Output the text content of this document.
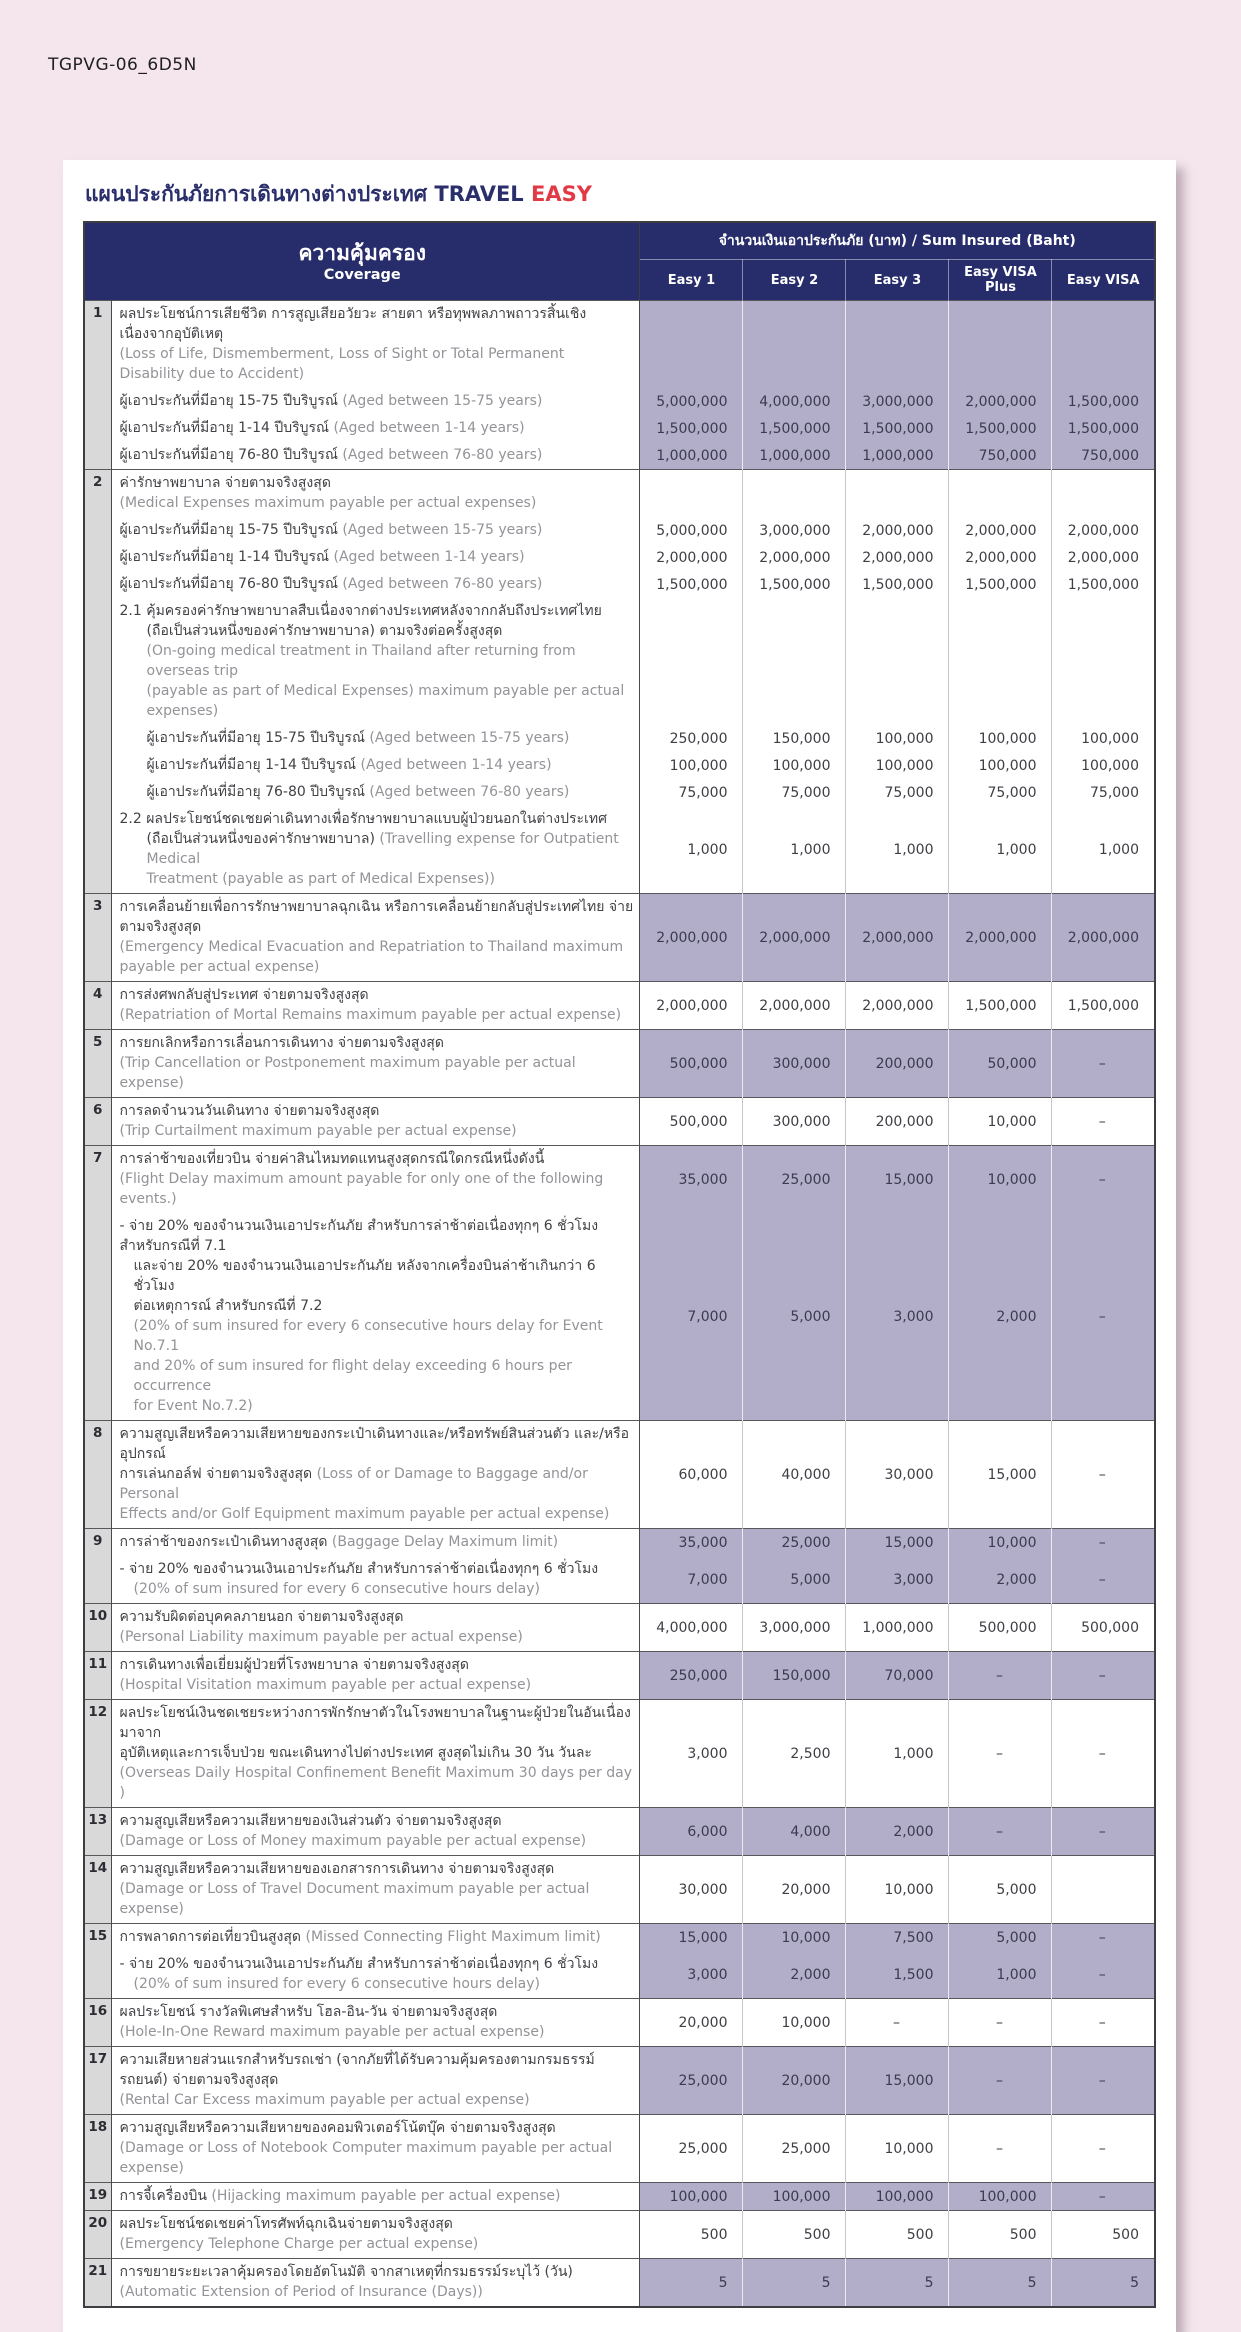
TGPVG-06_6D5N
แผนประกันภัยการเดินทางต่างประเทศ TRAVEL EASY
ความคุ้มครอง
Coverage		จำนวนเงินเอาประกันภัย (บาท) / Sum Insured (Baht)				
		Easy 1	Easy 2	Easy 3	Easy VISA Plus	Easy VISA
1	ผลประโยชน์การเสียชีวิต การสูญเสียอวัยวะ สายตา หรือทุพพลภาพถาวรสิ้นเชิงเนื่องจากอุบัติเหตุ
(Loss of Life, Dismemberment, Loss of Sight or Total Permanent Disability due to Accident)					

	ผู้เอาประกันที่มีอายุ 15-75 ปีบริบูรณ์ (Aged between 15-75 years)	5,000,000	4,000,000	3,000,000	2,000,000	1,500,000

	ผู้เอาประกันที่มีอายุ 1-14 ปีบริบูรณ์ (Aged between 1-14 years)	1,500,000	1,500,000	1,500,000	1,500,000	1,500,000

	ผู้เอาประกันที่มีอายุ 76-80 ปีบริบูรณ์ (Aged between 76-80 years)	1,000,000	1,000,000	1,000,000	750,000	750,000
2	ค่ารักษาพยาบาล จ่ายตามจริงสูงสุด
(Medical Expenses maximum payable per actual expenses)					

	ผู้เอาประกันที่มีอายุ 15-75 ปีบริบูรณ์ (Aged between 15-75 years)	5,000,000	3,000,000	2,000,000	2,000,000	2,000,000

	ผู้เอาประกันที่มีอายุ 1-14 ปีบริบูรณ์ (Aged between 1-14 years)	2,000,000	2,000,000	2,000,000	2,000,000	2,000,000

	ผู้เอาประกันที่มีอายุ 76-80 ปีบริบูรณ์ (Aged between 76-80 years)	1,500,000	1,500,000	1,500,000	1,500,000	1,500,000

	2.1 คุ้มครองค่ารักษาพยาบาลสืบเนื่องจากต่างประเทศหลังจากกลับถึงประเทศไทย
(ถือเป็นส่วนหนึ่งของค่ารักษาพยาบาล) ตามจริงต่อครั้งสูงสุด
(On-going medical treatment in Thailand after returning from overseas trip
(payable as part of Medical Expenses) maximum payable per actual expenses)					

	ผู้เอาประกันที่มีอายุ 15-75 ปีบริบูรณ์ (Aged between 15-75 years)	250,000	150,000	100,000	100,000	100,000

	ผู้เอาประกันที่มีอายุ 1-14 ปีบริบูรณ์ (Aged between 1-14 years)	100,000	100,000	100,000	100,000	100,000

	ผู้เอาประกันที่มีอายุ 76-80 ปีบริบูรณ์ (Aged between 76-80 years)	75,000	75,000	75,000	75,000	75,000

	2.2 ผลประโยชน์ชดเชยค่าเดินทางเพื่อรักษาพยาบาลแบบผู้ป่วยนอกในต่างประเทศ
(ถือเป็นส่วนหนึ่งของค่ารักษาพยาบาล) (Travelling expense for Outpatient Medical
Treatment (payable as part of Medical Expenses))	1,000	1,000	1,000	1,000	1,000
3	การเคลื่อนย้ายเพื่อการรักษาพยาบาลฉุกเฉิน หรือการเคลื่อนย้ายกลับสู่ประเทศไทย จ่ายตามจริงสูงสุด
(Emergency Medical Evacuation and Repatriation to Thailand maximum
payable per actual expense)	2,000,000	2,000,000	2,000,000	2,000,000	2,000,000
4	การส่งศพกลับสู่ประเทศ จ่ายตามจริงสูงสุด
(Repatriation of Mortal Remains maximum payable per actual expense)	2,000,000	2,000,000	2,000,000	1,500,000	1,500,000
5	การยกเลิกหรือการเลื่อนการเดินทาง จ่ายตามจริงสูงสุด
(Trip Cancellation or Postponement maximum payable per actual expense)	500,000	300,000	200,000	50,000	–
6	การลดจำนวนวันเดินทาง จ่ายตามจริงสูงสุด
(Trip Curtailment maximum payable per actual expense)	500,000	300,000	200,000	10,000	–
7	การล่าช้าของเที่ยวบิน จ่ายค่าสินไหมทดแทนสูงสุดกรณีใดกรณีหนึ่งดังนี้
(Flight Delay maximum amount payable for only one of the following events.)	35,000	25,000	15,000	10,000	–

- จ่าย 20% ของจำนวนเงินเอาประกันภัย สำหรับการล่าช้าต่อเนื่องทุกๆ 6 ชั่วโมง สำหรับกรณีที่ 7.1
และจ่าย 20% ของจำนวนเงินเอาประกันภัย หลังจากเครื่องบินล่าช้าเกินกว่า 6 ชั่วโมง
ต่อเหตุการณ์ สำหรับกรณีที่ 7.2
(20% of sum insured for every 6 consecutive hours delay for Event No.7.1
and 20% of sum insured for flight delay exceeding 6 hours per occurrence
for Event No.7.2)
	7,000	5,000	3,000	2,000	–
8	ความสูญเสียหรือความเสียหายของกระเป๋าเดินทางและ/หรือทรัพย์สินส่วนตัว และ/หรืออุปกรณ์
การเล่นกอล์ฟ จ่ายตามจริงสูงสุด (Loss of or Damage to Baggage and/or Personal
Effects and/or Golf Equipment maximum payable per actual expense)	60,000	40,000	30,000	15,000	–
9	การล่าช้าของกระเป๋าเดินทางสูงสุด (Baggage Delay Maximum limit)	35,000	25,000	15,000	10,000	–

	- จ่าย 20% ของจำนวนเงินเอาประกันภัย สำหรับการล่าช้าต่อเนื่องทุกๆ 6 ชั่วโมง
(20% of sum insured for every 6 consecutive hours delay)	7,000	5,000	3,000	2,000	–
10	ความรับผิดต่อบุคคลภายนอก จ่ายตามจริงสูงสุด
(Personal Liability maximum payable per actual expense)	4,000,000	3,000,000	1,000,000	500,000	500,000
11	การเดินทางเพื่อเยี่ยมผู้ป่วยที่โรงพยาบาล จ่ายตามจริงสูงสุด
(Hospital Visitation maximum payable per actual expense)	250,000	150,000	70,000	–	–
12	ผลประโยชน์เงินชดเชยระหว่างการพักรักษาตัวในโรงพยาบาลในฐานะผู้ป่วยในอันเนื่องมาจาก
อุบัติเหตุและการเจ็บป่วย ขณะเดินทางไปต่างประเทศ สูงสุดไม่เกิน 30 วัน วันละ
(Overseas Daily Hospital Confinement Benefit Maximum 30 days per day )	3,000	2,500	1,000	–	–
13	ความสูญเสียหรือความเสียหายของเงินส่วนตัว จ่ายตามจริงสูงสุด
(Damage or Loss of Money maximum payable per actual expense)	6,000	4,000	2,000	–	–
14	ความสูญเสียหรือความเสียหายของเอกสารการเดินทาง จ่ายตามจริงสูงสุด
(Damage or Loss of Travel Document maximum payable per actual expense)	30,000	20,000	10,000	5,000	
15	การพลาดการต่อเที่ยวบินสูงสุด (Missed Connecting Flight Maximum limit)	15,000	10,000	7,500	5,000	–

	- จ่าย 20% ของจำนวนเงินเอาประกันภัย สำหรับการล่าช้าต่อเนื่องทุกๆ 6 ชั่วโมง
(20% of sum insured for every 6 consecutive hours delay)	3,000	2,000	1,500	1,000	–
16	ผลประโยชน์ รางวัลพิเศษสำหรับ โฮล-อิน-วัน จ่ายตามจริงสูงสุด
(Hole-In-One Reward maximum payable per actual expense)	20,000	10,000	–	–	–
17	ความเสียหายส่วนแรกสำหรับรถเช่า (จากภัยที่ได้รับความคุ้มครองตามกรมธรรม์รถยนต์) จ่ายตามจริงสูงสุด
(Rental Car Excess maximum payable per actual expense)	25,000	20,000	15,000	–	–
18	ความสูญเสียหรือความเสียหายของคอมพิวเตอร์โน้ตบุ๊ค จ่ายตามจริงสูงสุด
(Damage or Loss of Notebook Computer maximum payable per actual expense)	25,000	25,000	10,000	–	–
19	การจี้เครื่องบิน (Hijacking maximum payable per actual expense)	100,000	100,000	100,000	100,000	–
20	ผลประโยชน์ชดเชยค่าโทรศัพท์ฉุกเฉินจ่ายตามจริงสูงสุด
(Emergency Telephone Charge per actual expense)	500	500	500	500	500
21	การขยายระยะเวลาคุ้มครองโดยอัตโนมัติ จากสาเหตุที่กรมธรรม์ระบุไว้ (วัน)
(Automatic Extension of Period of Insurance (Days))	5	5	5	5	5
